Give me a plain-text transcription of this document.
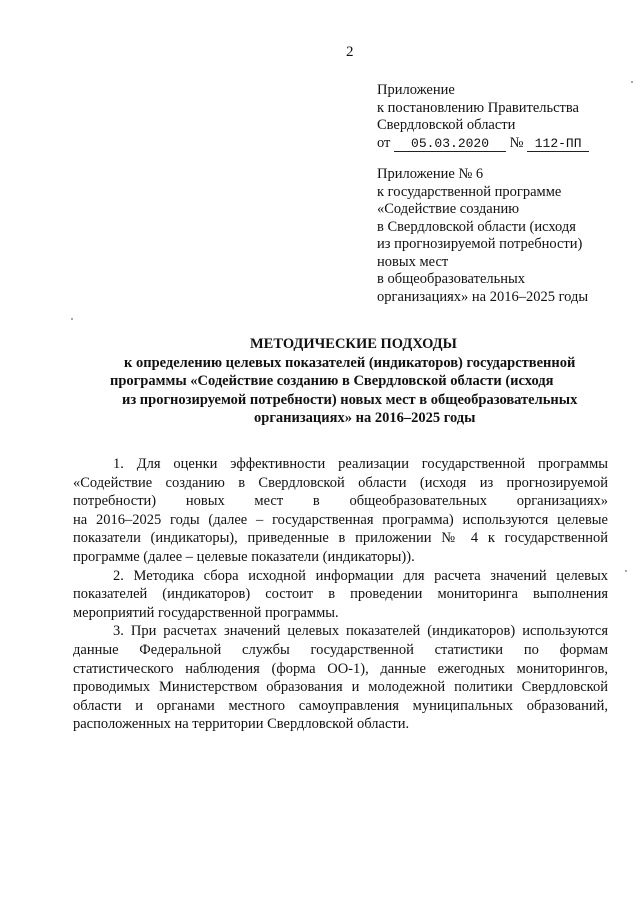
2
Приложение
к постановлению Правительства
Свердловской области
от 05.03.2020 № 112-ПП
Приложение № 6
к государственной программе
«Содействие созданию
в Свердловской области (исходя
из прогнозируемой потребности)
новых мест
в общеобразовательных
организациях» на 2016–2025 годы
МЕТОДИЧЕСКИЕ ПОДХОДЫ
к определению целевых показателей (индикаторов) государственной
программы «Содействие созданию в Свердловской области (исходя
из прогнозируемой потребности) новых мест в общеобразовательных
организациях» на 2016–2025 годы
1. Для оценки эффективности реализации государственной программы
«Содействие созданию в Свердловской области (исходя из прогнозируемой
потребности) новых мест в общеобразовательных организациях»
на 2016–2025 годы (далее – государственная программа) используются целевые
показатели (индикаторы), приведенные в приложении № 4 к государственной
программе (далее – целевые показатели (индикаторы)).
2. Методика сбора исходной информации для расчета значений целевых
показателей (индикаторов) состоит в проведении мониторинга выполнения
мероприятий государственной программы.
3. При расчетах значений целевых показателей (индикаторов) используются
данные Федеральной службы государственной статистики по формам
статистического наблюдения (форма ОО-1), данные ежегодных мониторингов,
проводимых Министерством образования и молодежной политики Свердловской
области и органами местного самоуправления муниципальных образований,
расположенных на территории Свердловской области.
